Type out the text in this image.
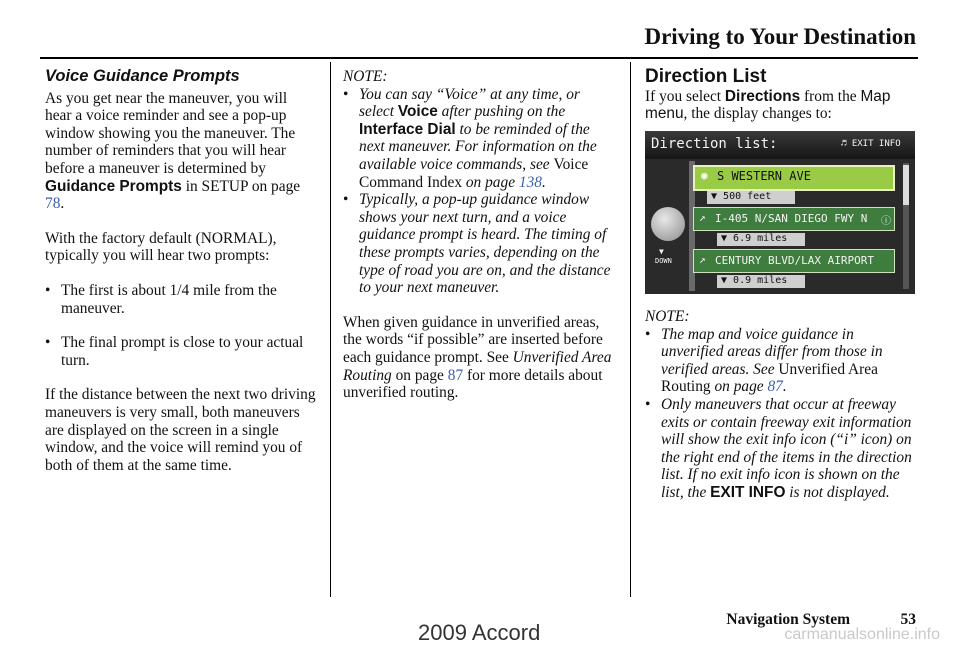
Driving to Your Destination

Voice Guidance Prompts

As you get near the maneuver, you will hear a voice reminder and see a pop-up window showing you the maneuver. The number of reminders that you will hear before a maneuver is determined by Guidance Prompts in SETUP on page 78.

With the factory default (NORMAL), typically you will hear two prompts:

• The first is about 1/4 mile from the maneuver.
• The final prompt is close to your actual turn.

If the distance between the next two driving maneuvers is very small, both maneuvers are displayed on the screen in a single window, and the voice will remind you of both of them at the same time.

NOTE:

• You can say “Voice” at any time, or select Voice after pushing on the Interface Dial to be reminded of the next maneuver. For information on the available voice commands, see Voice Command Index on page 138.
• Typically, a pop-up guidance window shows your next turn, and a voice guidance prompt is heard. The timing of these prompts varies, depending on the type of road you are on, and the distance to your next maneuver.

When given guidance in unverified areas, the words “if possible” are inserted before each guidance prompt. See Unverified Area Routing on page 87 for more details about unverified routing.

Direction List

If you select Directions from the Map menu, the display changes to:

Direction list:	♬ EXIT INFO
▼
DOWN
◉ S WESTERN AVE
▼ 500 feet
↗ I-405 N/SAN DIEGO FWY N ⓘ
▼ 6.9 miles
↗ CENTURY BLVD/LAX AIRPORT
▼ 0.9 miles

NOTE:

• The map and voice guidance in unverified areas differ from those in verified areas. See Unverified Area Routing on page 87.
• Only maneuvers that occur at freeway exits or contain freeway exit information will show the exit info icon (“i” icon) on the right end of the items in the direction list. If no exit info icon is shown on the list, the EXIT INFO is not displayed.
Navigation System	53
2009 Accord	carmanualsonline.info
